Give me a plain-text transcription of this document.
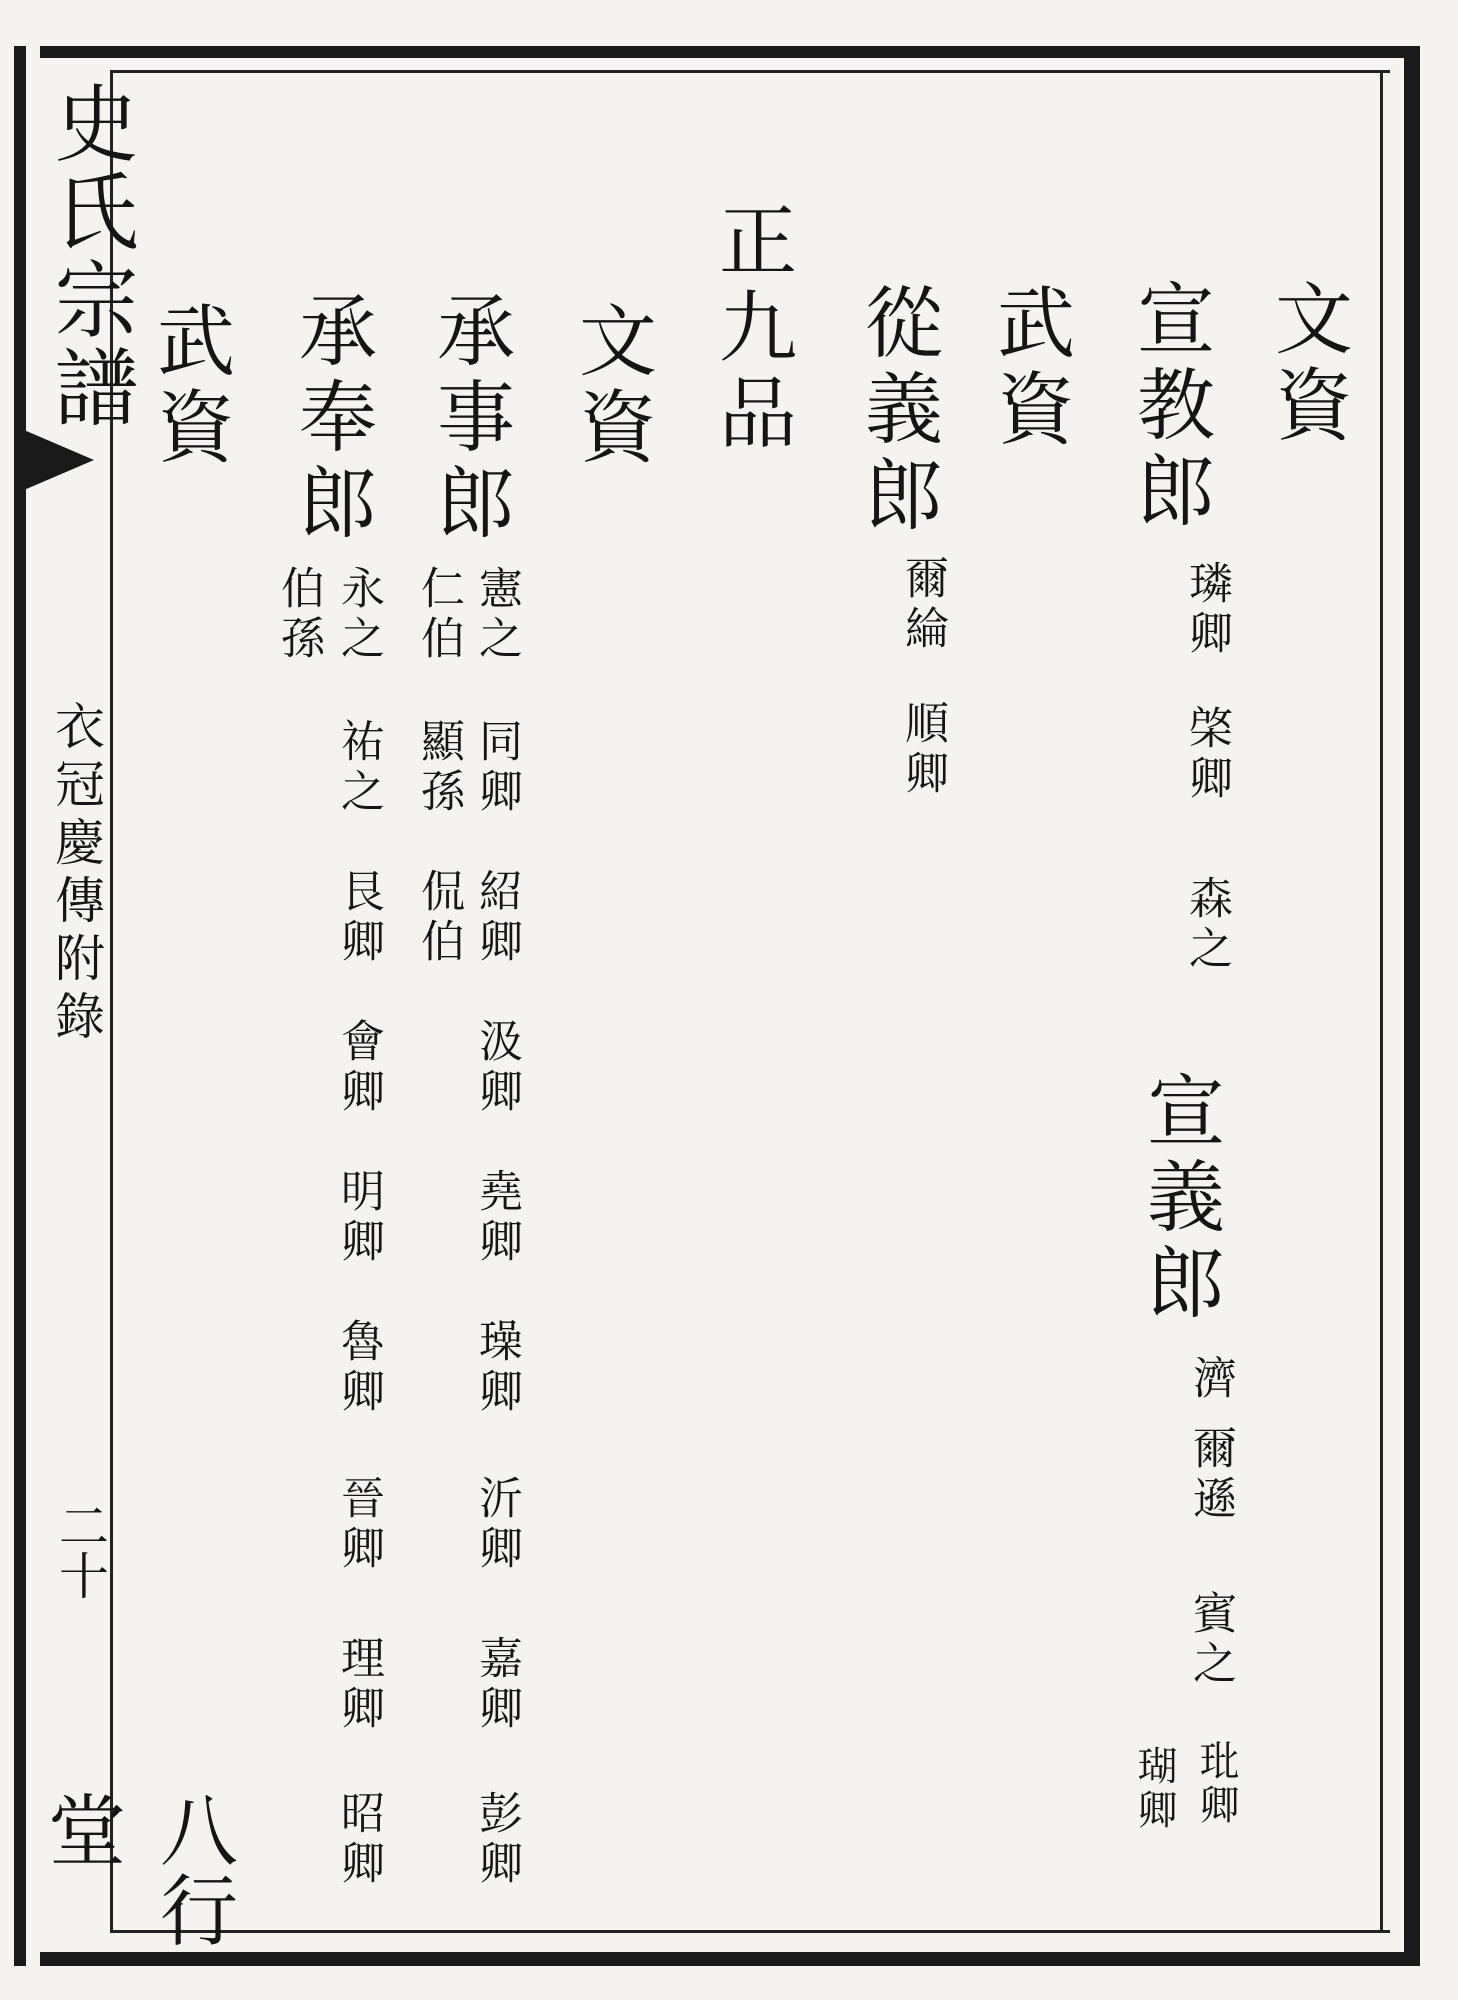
史氏宗譜
衣冠慶傳附錄
二十
八行堂
文資
宣教郎
璘卿
棨卿
森之
宣義郎
濟
爾遜
賓之
玭卿
瑚卿
武資
從義郎
爾綸
順卿
正九品
文資
承事郎
憲之
同卿
紹卿
汲卿
堯卿
璪卿
沂卿
嘉卿
彭卿
仁伯
顯孫
侃伯
承奉郎
永之
祐之
艮卿
會卿
明卿
魯卿
晉卿
理卿
昭卿
伯孫
武資
